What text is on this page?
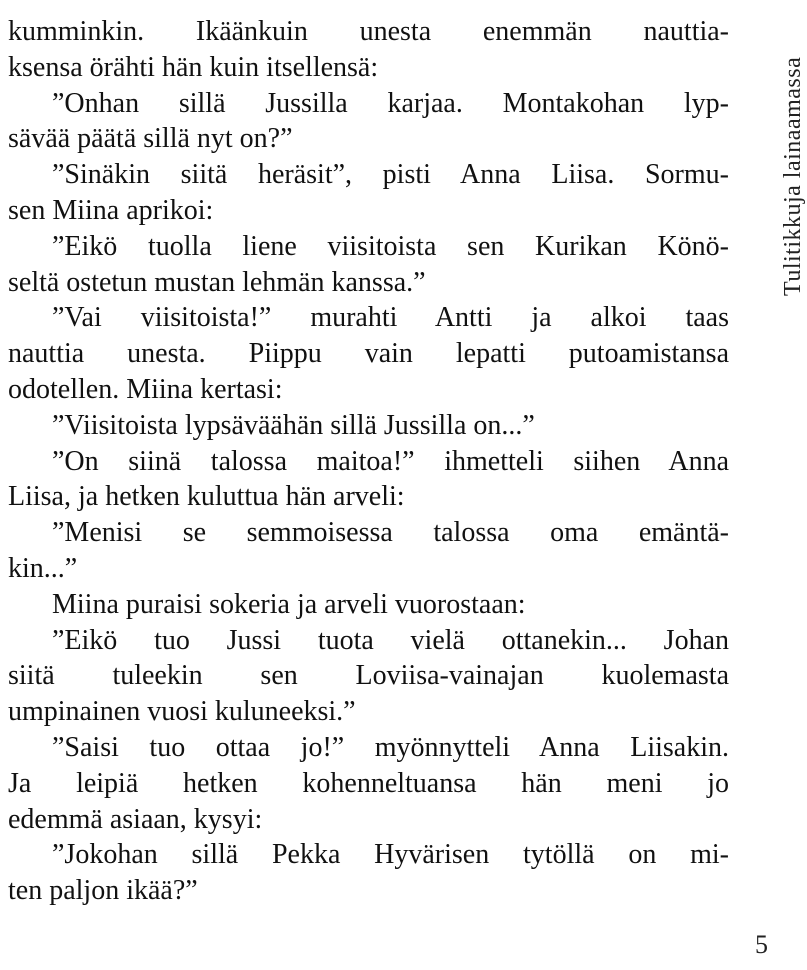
kumminkin. Ikäänkuin unesta enemmän nauttia-
ksensa örähti hän kuin itsellensä:
”Onhan sillä Jussilla karjaa. Montakohan lyp-
sävää päätä sillä nyt on?”
”Sinäkin siitä heräsit”, pisti Anna Liisa. Sormu-
sen Miina aprikoi:
”Eikö tuolla liene viisitoista sen Kurikan Könö-
seltä ostetun mustan lehmän kanssa.”
”Vai viisitoista!” murahti Antti ja alkoi taas
nauttia unesta. Piippu vain lepatti putoamistansa
odotellen. Miina kertasi:
”Viisitoista lypsäväähän sillä Jussilla on...”
”On siinä talossa maitoa!” ihmetteli siihen Anna
Liisa, ja hetken kuluttua hän arveli:
”Menisi se semmoisessa talossa oma emäntä-
kin...”
Miina puraisi sokeria ja arveli vuorostaan:
”Eikö tuo Jussi tuota vielä ottanekin... Johan
siitä tuleekin sen Loviisa-vainajan kuolemasta
umpinainen vuosi kuluneeksi.”
”Saisi tuo ottaa jo!” myönnytteli Anna Liisakin.
Ja leipiä hetken kohenneltuansa hän meni jo
edemmä asiaan, kysyi:
”Jokohan sillä Pekka Hyvärisen tytöllä on mi-
ten paljon ikää?”
Tulitikkuja lainaamassa
5
